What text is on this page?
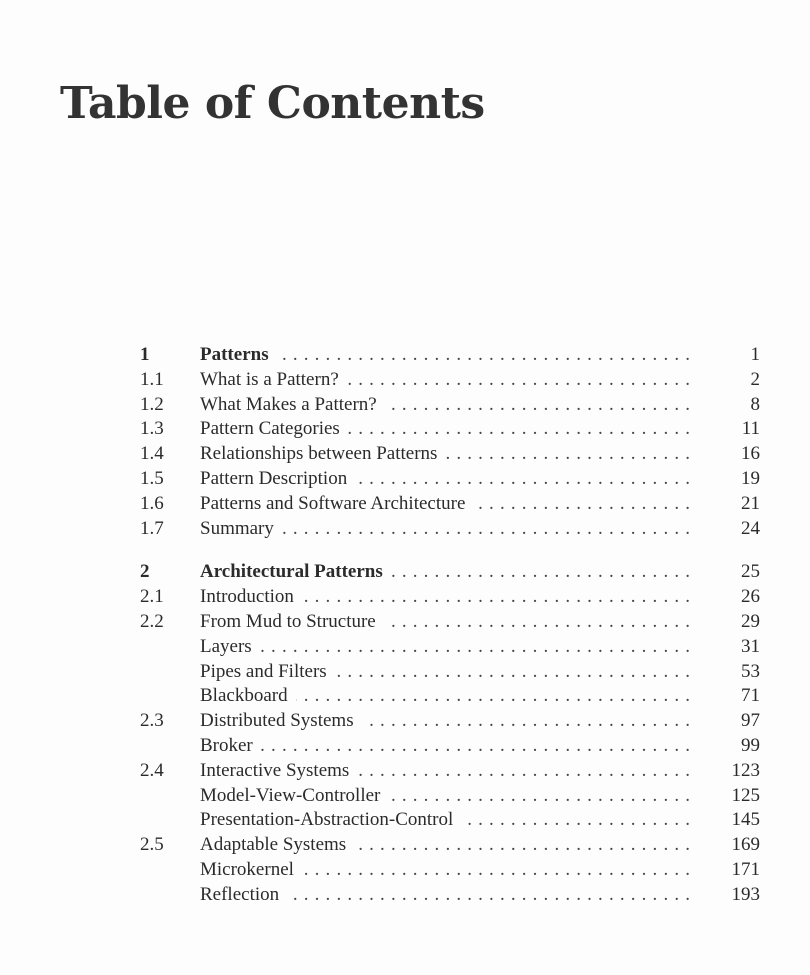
Table of Contents
1	Patterns . . .	1
1.1	What is a Pattern? . . .	2
1.2	What Makes a Pattern? . . .	8
1.3	Pattern Categories . . .	11
1.4	Relationships between Patterns . . .	16
1.5	Pattern Description . . .	19
1.6	Patterns and Software Architecture . . .	21
1.7	Summary . . .	24
2	Architectural Patterns . . .	25
2.1	Introduction . . .	26
2.2	From Mud to Structure . . .	29
Layers . . .	31
Pipes and Filters . . .	53
Blackboard . . .	71
2.3	Distributed Systems . . .	97
Broker . . .	99
2.4	Interactive Systems . . .	123
Model-View-Controller . . .	125
Presentation-Abstraction-Control . . .	145
2.5	Adaptable Systems . . .	169
Microkernel . . .	171
Reflection . . .	193
